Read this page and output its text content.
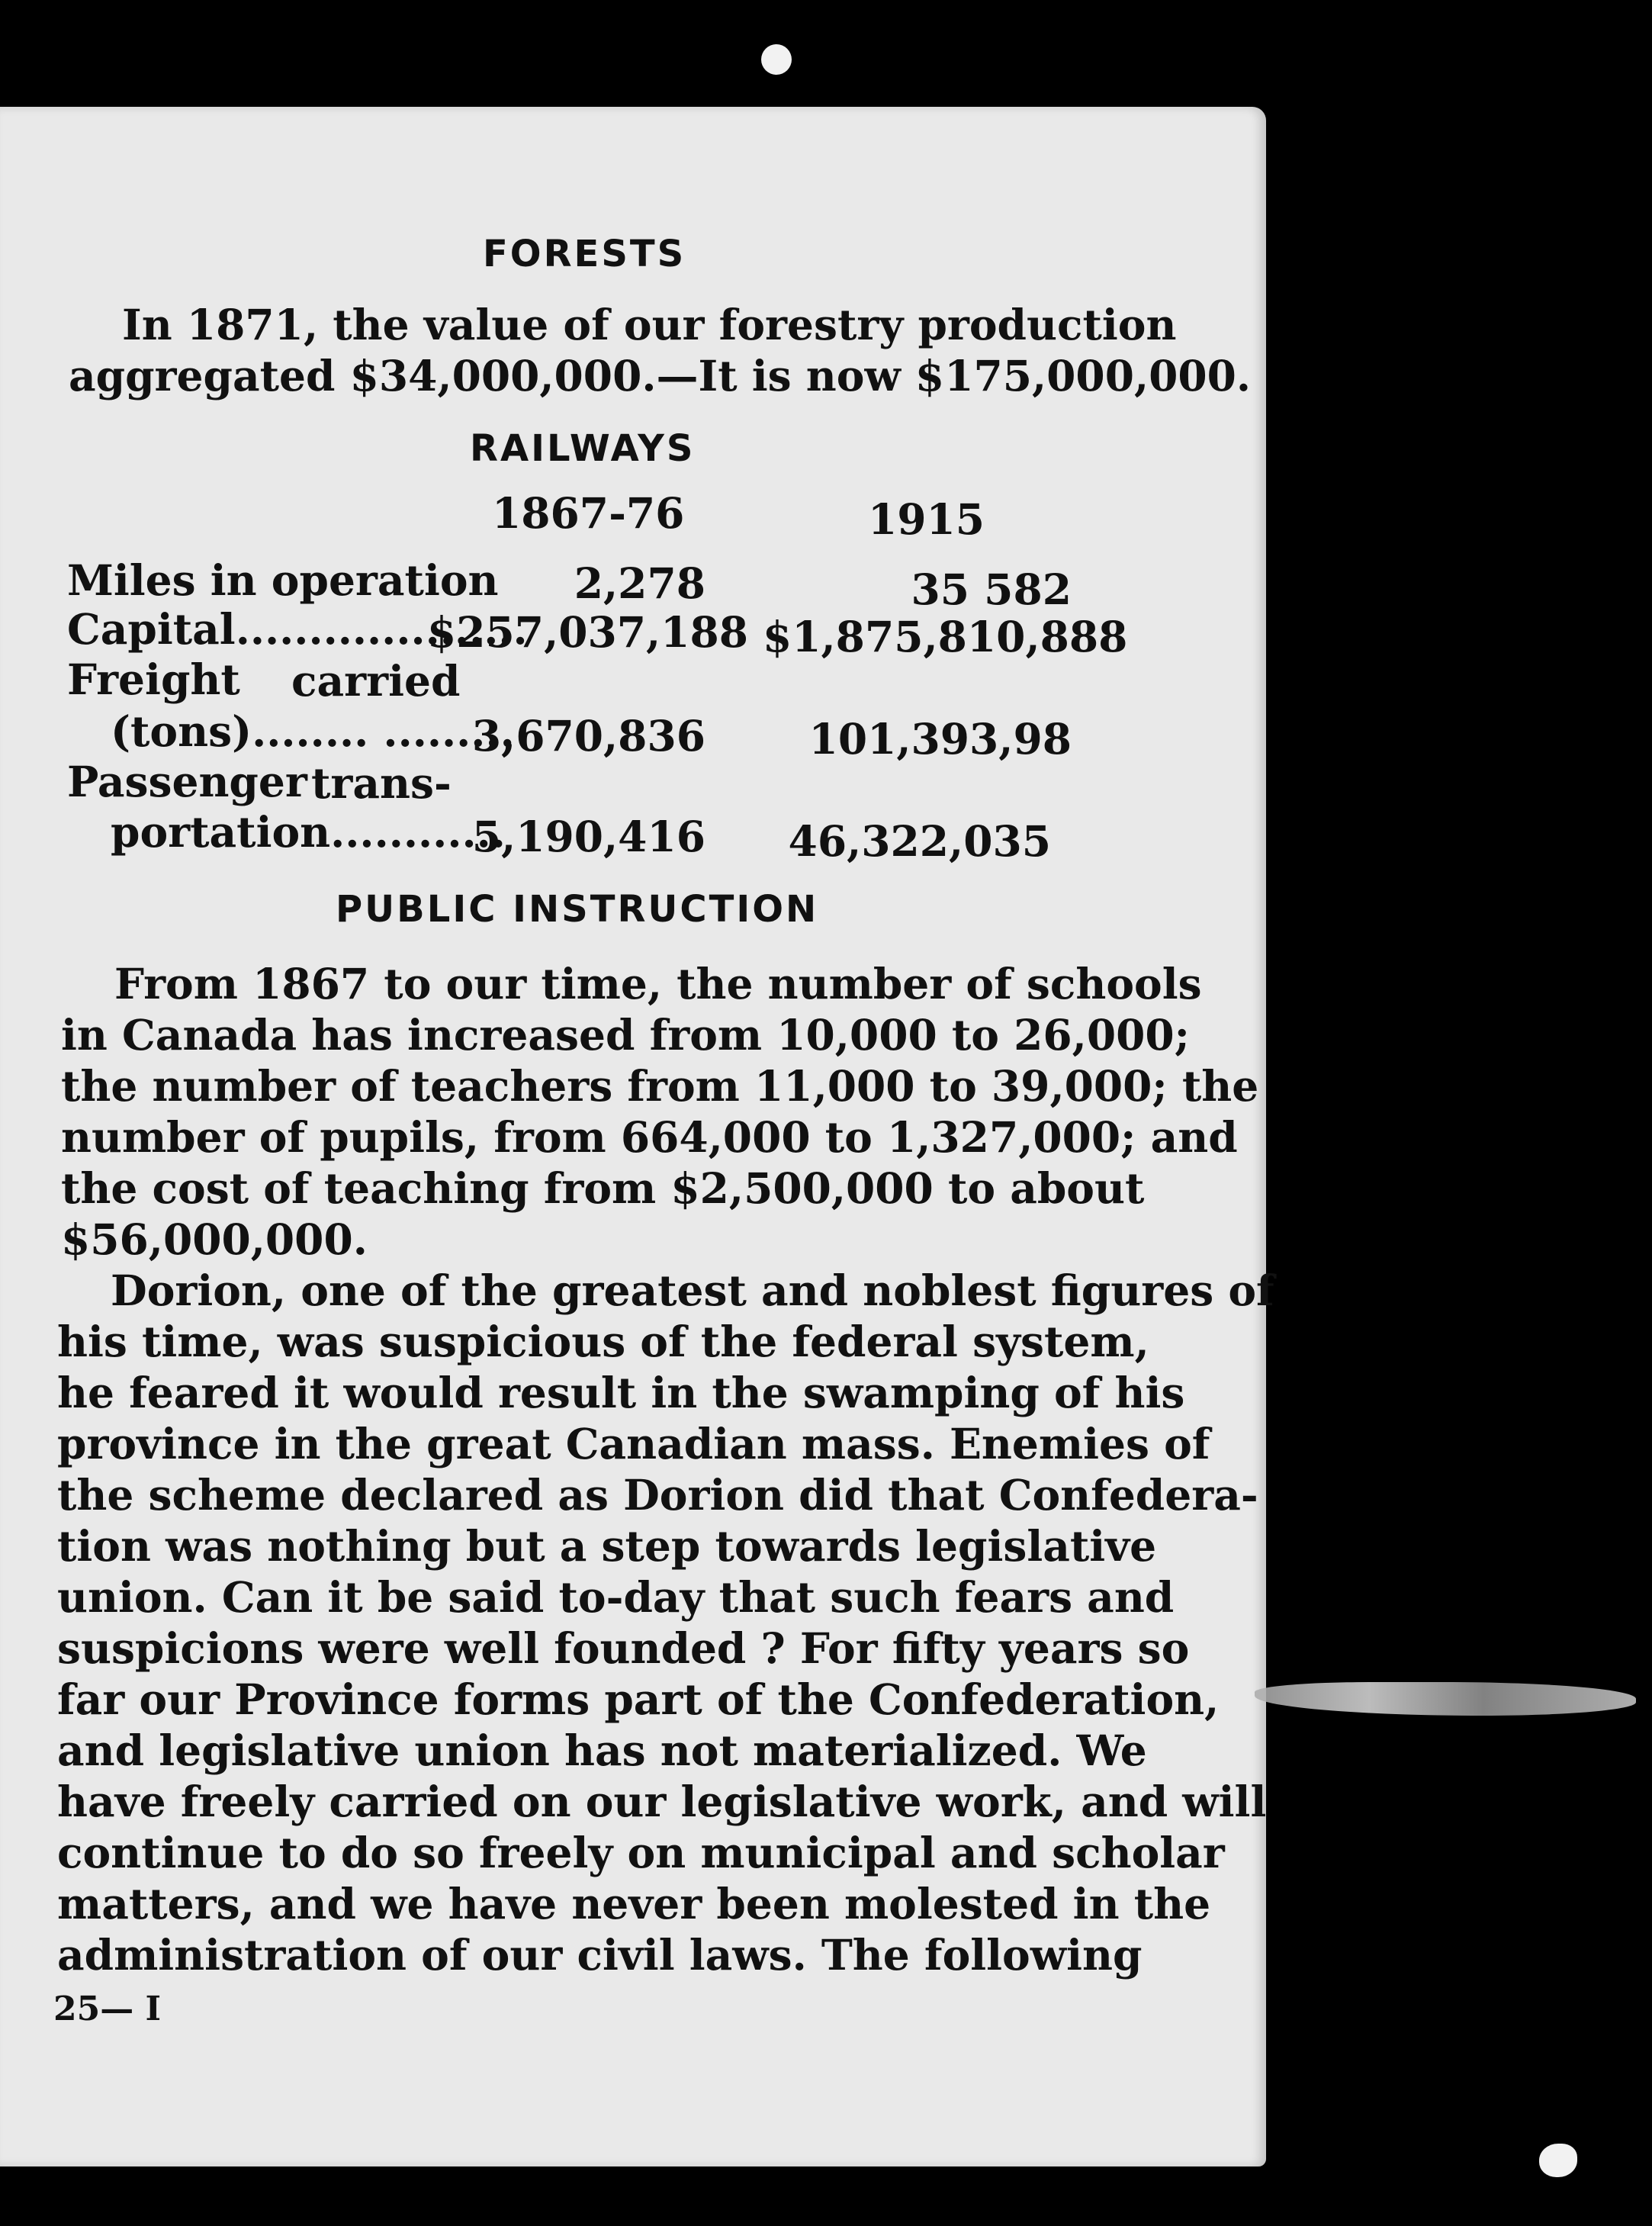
FORESTS
In 1871, the value of our forestry production
aggregated $34,000,000.—It is now $175,000,000.
RAILWAYS
1867-76	1915
Miles in operation	2,278	35 582
Capital....................
$257,037,188 $1,875,810,888
Freight carried
(tons)........ .........
3,670,836	101,393,98
Passenger trans-
portation............
5,190,416	46,322,035
PUBLIC INSTRUCTION
From 1867 to our time, the number of schools
in Canada has increased from 10,000 to 26,000;
the number of teachers from 11,000 to 39,000; the
number of pupils, from 664,000 to 1,327,000; and
the cost of teaching from $2,500,000 to about
$56,000,000.
Dorion, one of the greatest and noblest figures of
his time, was suspicious of the federal system,
he feared it would result in the swamping of his
province in the great Canadian mass. Enemies of
the scheme declared as Dorion did that Confedera-
tion was nothing but a step towards legislative
union. Can it be said to-day that such fears and
suspicions were well founded ? For fifty years so
far our Province forms part of the Confederation,
and legislative union has not materialized. We
have freely carried on our legislative work, and will
continue to do so freely on municipal and scholar
matters, and we have never been molested in the
administration of our civil laws. The following
25— I
